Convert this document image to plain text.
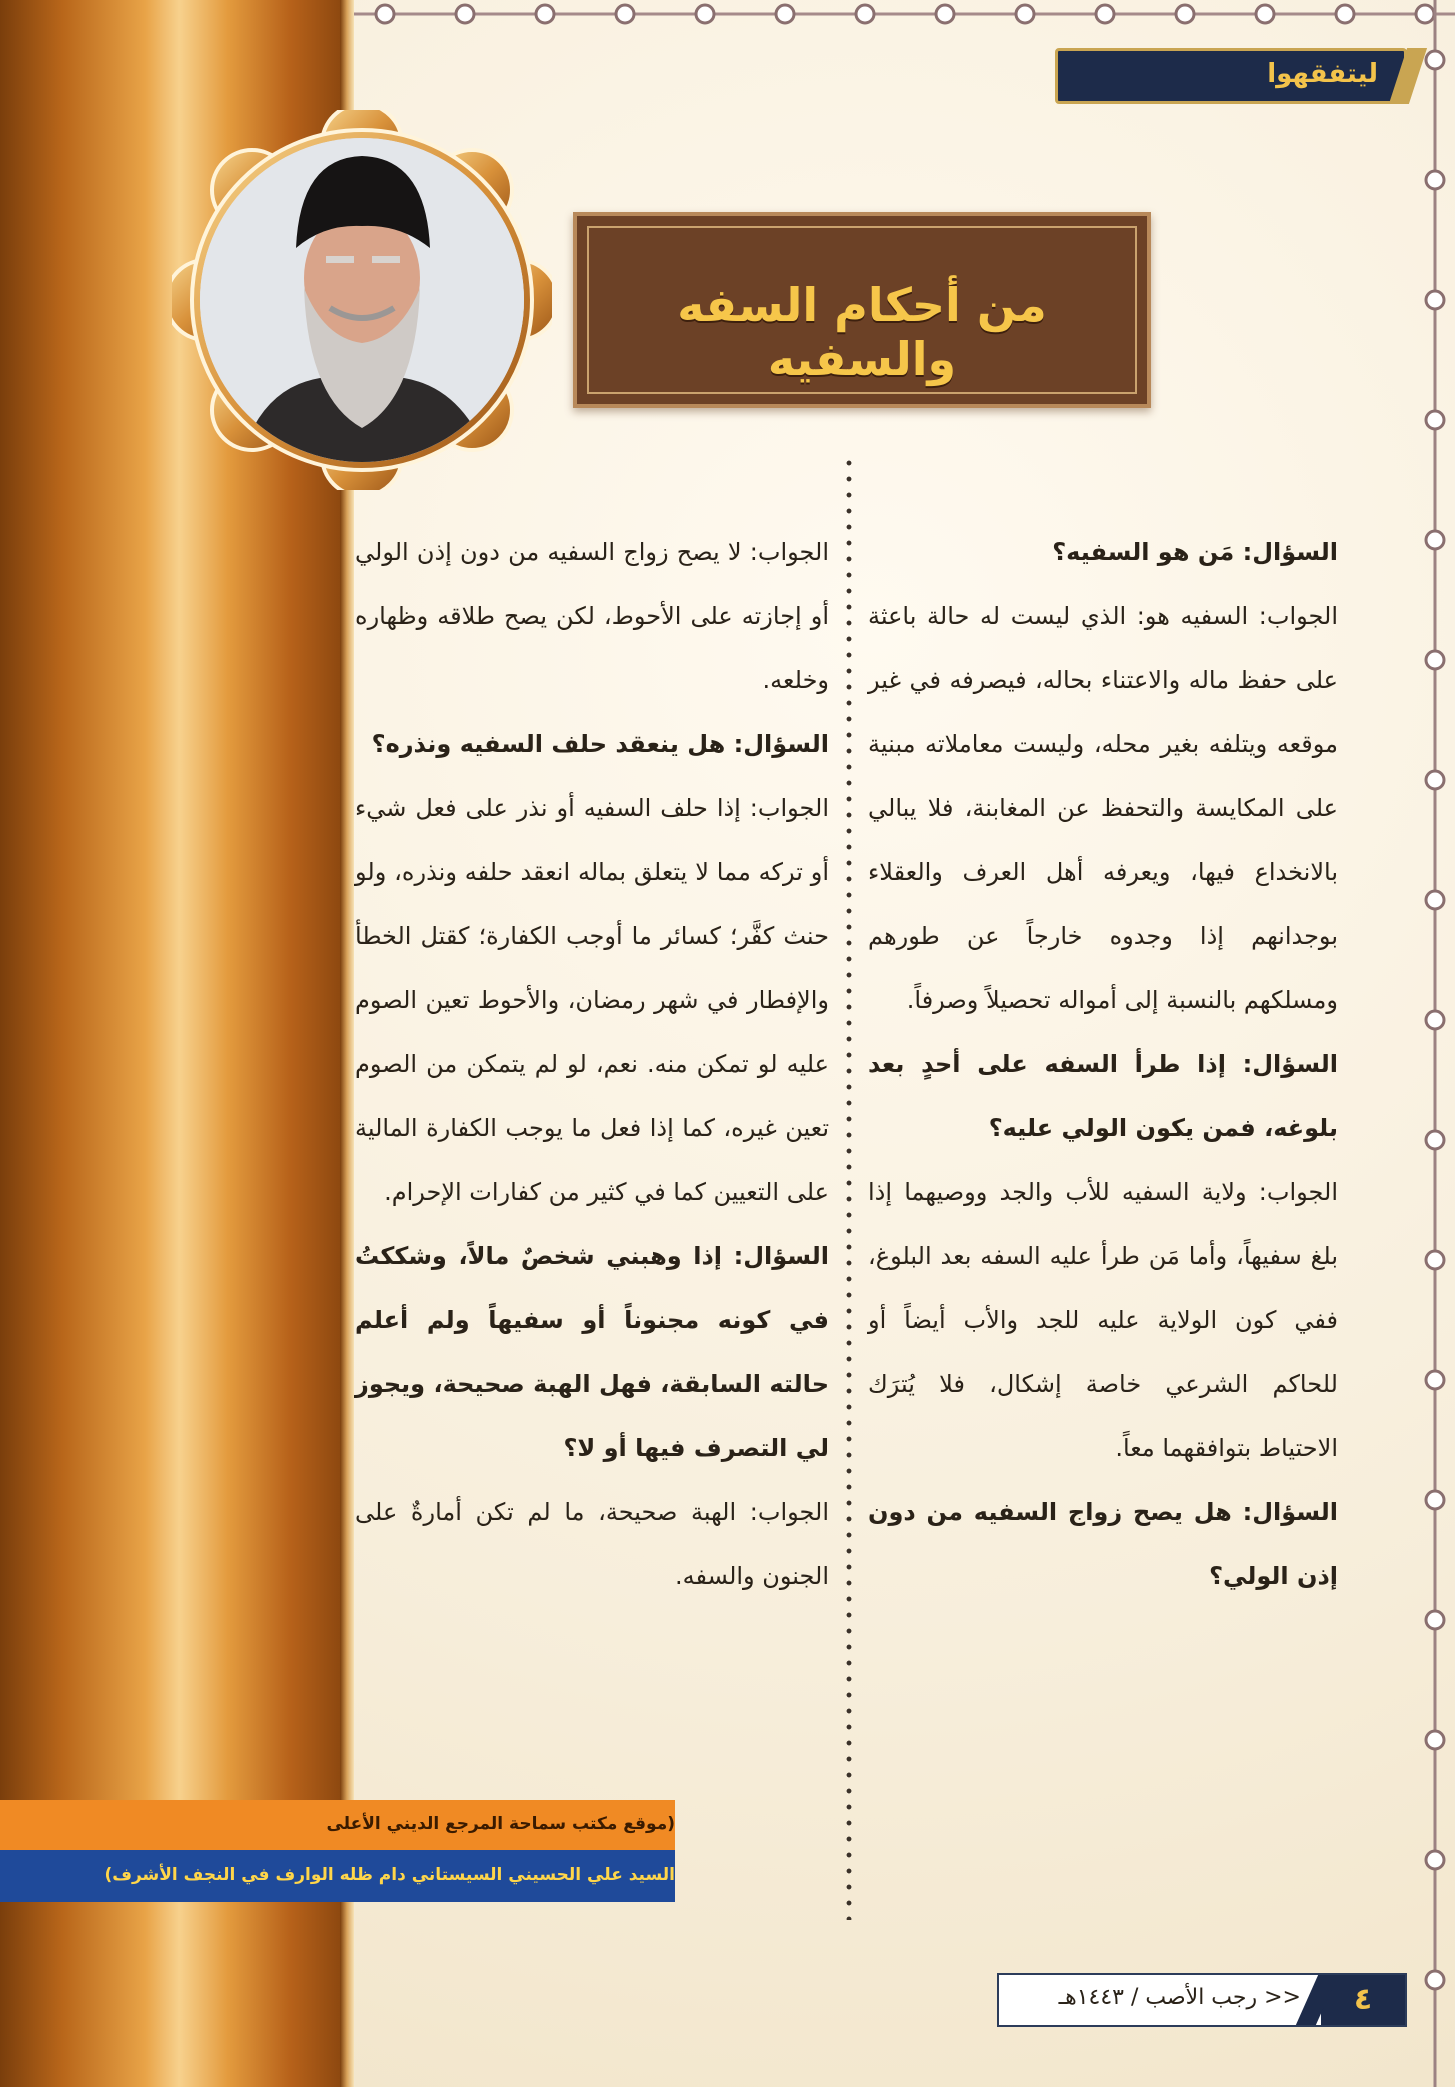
ليتفقهوا
من أحكام السفه والسفيه

السؤال: مَن هو السفيه؟

الجواب: السفيه هو: الذي ليست له حالة باعثة على حفظ ماله والاعتناء بحاله، فيصرفه في غير موقعه ويتلفه بغير محله، وليست معاملاته مبنية على المكايسة والتحفظ عن المغابنة، فلا يبالي بالانخداع فيها، ويعرفه أهل العرف والعقلاء بوجدانهم إذا وجدوه خارجاً عن طورهم ومسلكهم بالنسبة إلى أمواله تحصيلاً وصرفاً.

السؤال: إذا طرأ السفه على أحدٍ بعد بلوغه، فمن يكون الولي عليه؟

الجواب: ولاية السفيه للأب والجد ووصيهما إذا بلغ سفيهاً، وأما مَن طرأ عليه السفه بعد البلوغ، ففي كون الولاية عليه للجد والأب أيضاً أو للحاكم الشرعي خاصة إشكال، فلا يُترَك الاحتياط بتوافقهما معاً.

السؤال: هل يصح زواج السفيه من دون إذن الولي؟

الجواب: لا يصح زواج السفيه من دون إذن الولي أو إجازته على الأحوط، لكن يصح طلاقه وظهاره وخلعه.

السؤال: هل ينعقد حلف السفيه ونذره؟

الجواب: إذا حلف السفيه أو نذر على فعل شيء أو تركه مما لا يتعلق بماله انعقد حلفه ونذره، ولو حنث كفَّر؛ كسائر ما أوجب الكفارة؛ كقتل الخطأ والإفطار في شهر رمضان، والأحوط تعين الصوم عليه لو تمكن منه. نعم، لو لم يتمكن من الصوم تعين غيره، كما إذا فعل ما يوجب الكفارة المالية على التعيين كما في كثير من كفارات الإحرام.

السؤال: إذا وهبني شخصٌ مالاً، وشككتُ في كونه مجنوناً أو سفيهاً ولم أعلم حالته السابقة، فهل الهبة صحيحة، ويجوز لي التصرف فيها أو لا؟

الجواب: الهبة صحيحة، ما لم تكن أمارةٌ على الجنون والسفه.

(موقع مكتب سماحة المرجع الديني الأعلى
السيد علي الحسيني السيستاني دام ظله الوارف في النجف الأشرف)
<< رجب الأصب / ١٤٤٣هـ	٤
